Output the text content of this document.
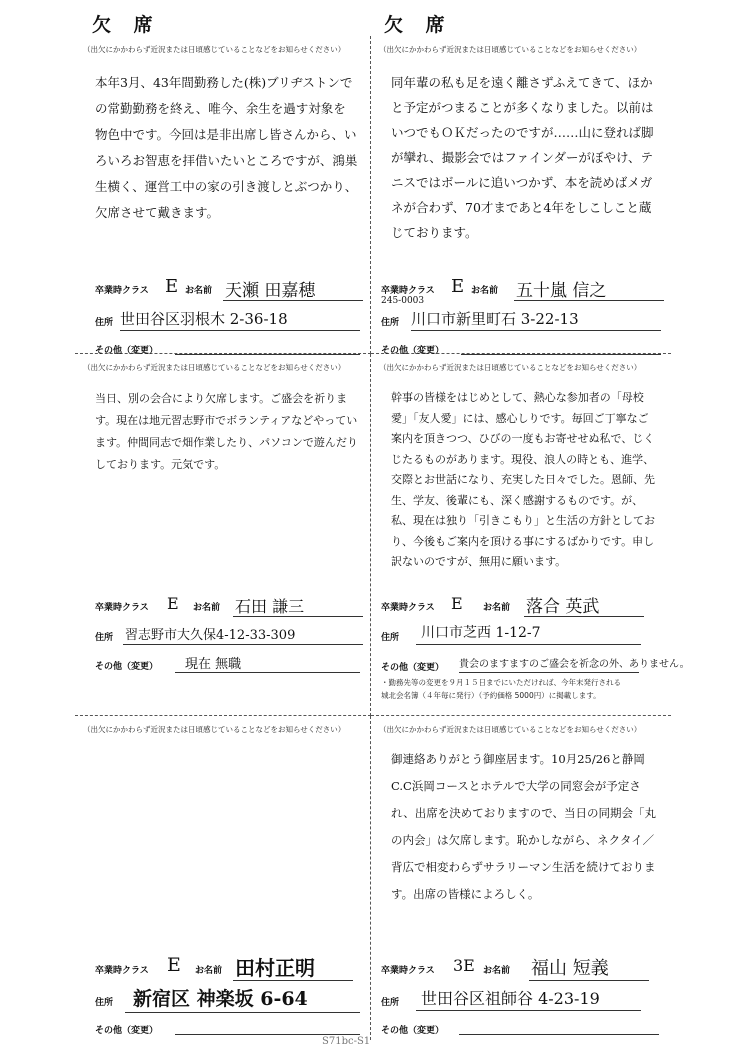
欠 席	欠 席
（出欠にかかわらず近況または日頃感じていることなどをお知らせください）
本年3月、43年間勤務した(株)ブリヂストンでの常勤勤務を終え、唯今、余生を過す対象を物色中です。今回は是非出席し皆さんから、いろいろお智恵を拝借いたいところですが、鴻巣生横く、運営工中の家の引き渡しとぶつかり、欠席させて戴きます。
卒業時クラス E お名前 天瀬 田嘉穂
住所 世田谷区羽根木 2-36-18
その他（変更）
（出欠にかかわらず近況または日頃感じていることなどをお知らせください）
同年輩の私も足を遠く離さずふえてきて、ほかと予定がつまることが多くなりました。以前はいつでもＯＫだったのですが……山に登れば脚が攣れ、撮影会ではファインダーがぼやけ、テニスではボールに追いつかず、本を読めばメガネが合わず、70才まであと4年をしこしこと蔵じております。
卒業時クラス E お名前 五十嵐 信之
245-0003
住所 川口市新里町石 3-22-13
その他（変更）
（出欠にかかわらず近況または日頃感じていることなどをお知らせください）
当日、別の会合により欠席します。ご盛会を祈ります。現在は地元習志野市でボランティアなどやっています。仲間同志で畑作業したり、パソコンで遊んだりしております。元気です。
卒業時クラス E お名前 石田 謙三
住所 習志野市大久保4-12-33-309
その他（変更） 現在 無職
（出欠にかかわらず近況または日頃感じていることなどをお知らせください）
幹事の皆様をはじめとして、熱心な参加者の「母校愛」「友人愛」には、感心しりです。毎回ご丁寧なご案内を頂きつつ、ひびの一度もお寄せせぬ私で、じくじたるものがあります。現役、浪人の時とも、進学、交際とお世話になり、充実した日々でした。恩師、先生、学友、後輩にも、深く感謝するものです。が、私、現在は独り「引きこもり」と生活の方針としており、今後もご案内を頂ける事にするばかりです。申し訳ないのですが、無用に願います。
卒業時クラス E お名前 落合 英武
住所 川口市芝西 1-12-7
その他（変更） 貴会のますますのご盛会を祈念の外、ありません。
・勤務先等の変更を９月１５日までにいただければ、今年末発行される城北会名簿（４年毎に発行）（予約価格 5000円）に掲載します。
（出欠にかかわらず近況または日頃感じていることなどをお知らせください）
卒業時クラス E お名前 田村正明
住所 新宿区 神楽坂 6-64
その他（変更）
（出欠にかかわらず近況または日頃感じていることなどをお知らせください）
御連絡ありがとう御座居ます。10月25/26と静岡C.C浜岡コースとホテルで大学の同窓会が予定され、出席を決めておりますので、当日の同期会「丸の内会」は欠席します。恥かしながら、ネクタイ／背広で相変わらずサラリーマン生活を続けております。出席の皆様によろしく。
卒業時クラス 3E お名前 福山 短義
住所 世田谷区祖師谷 4-23-19
その他（変更）
S71bc-S1
